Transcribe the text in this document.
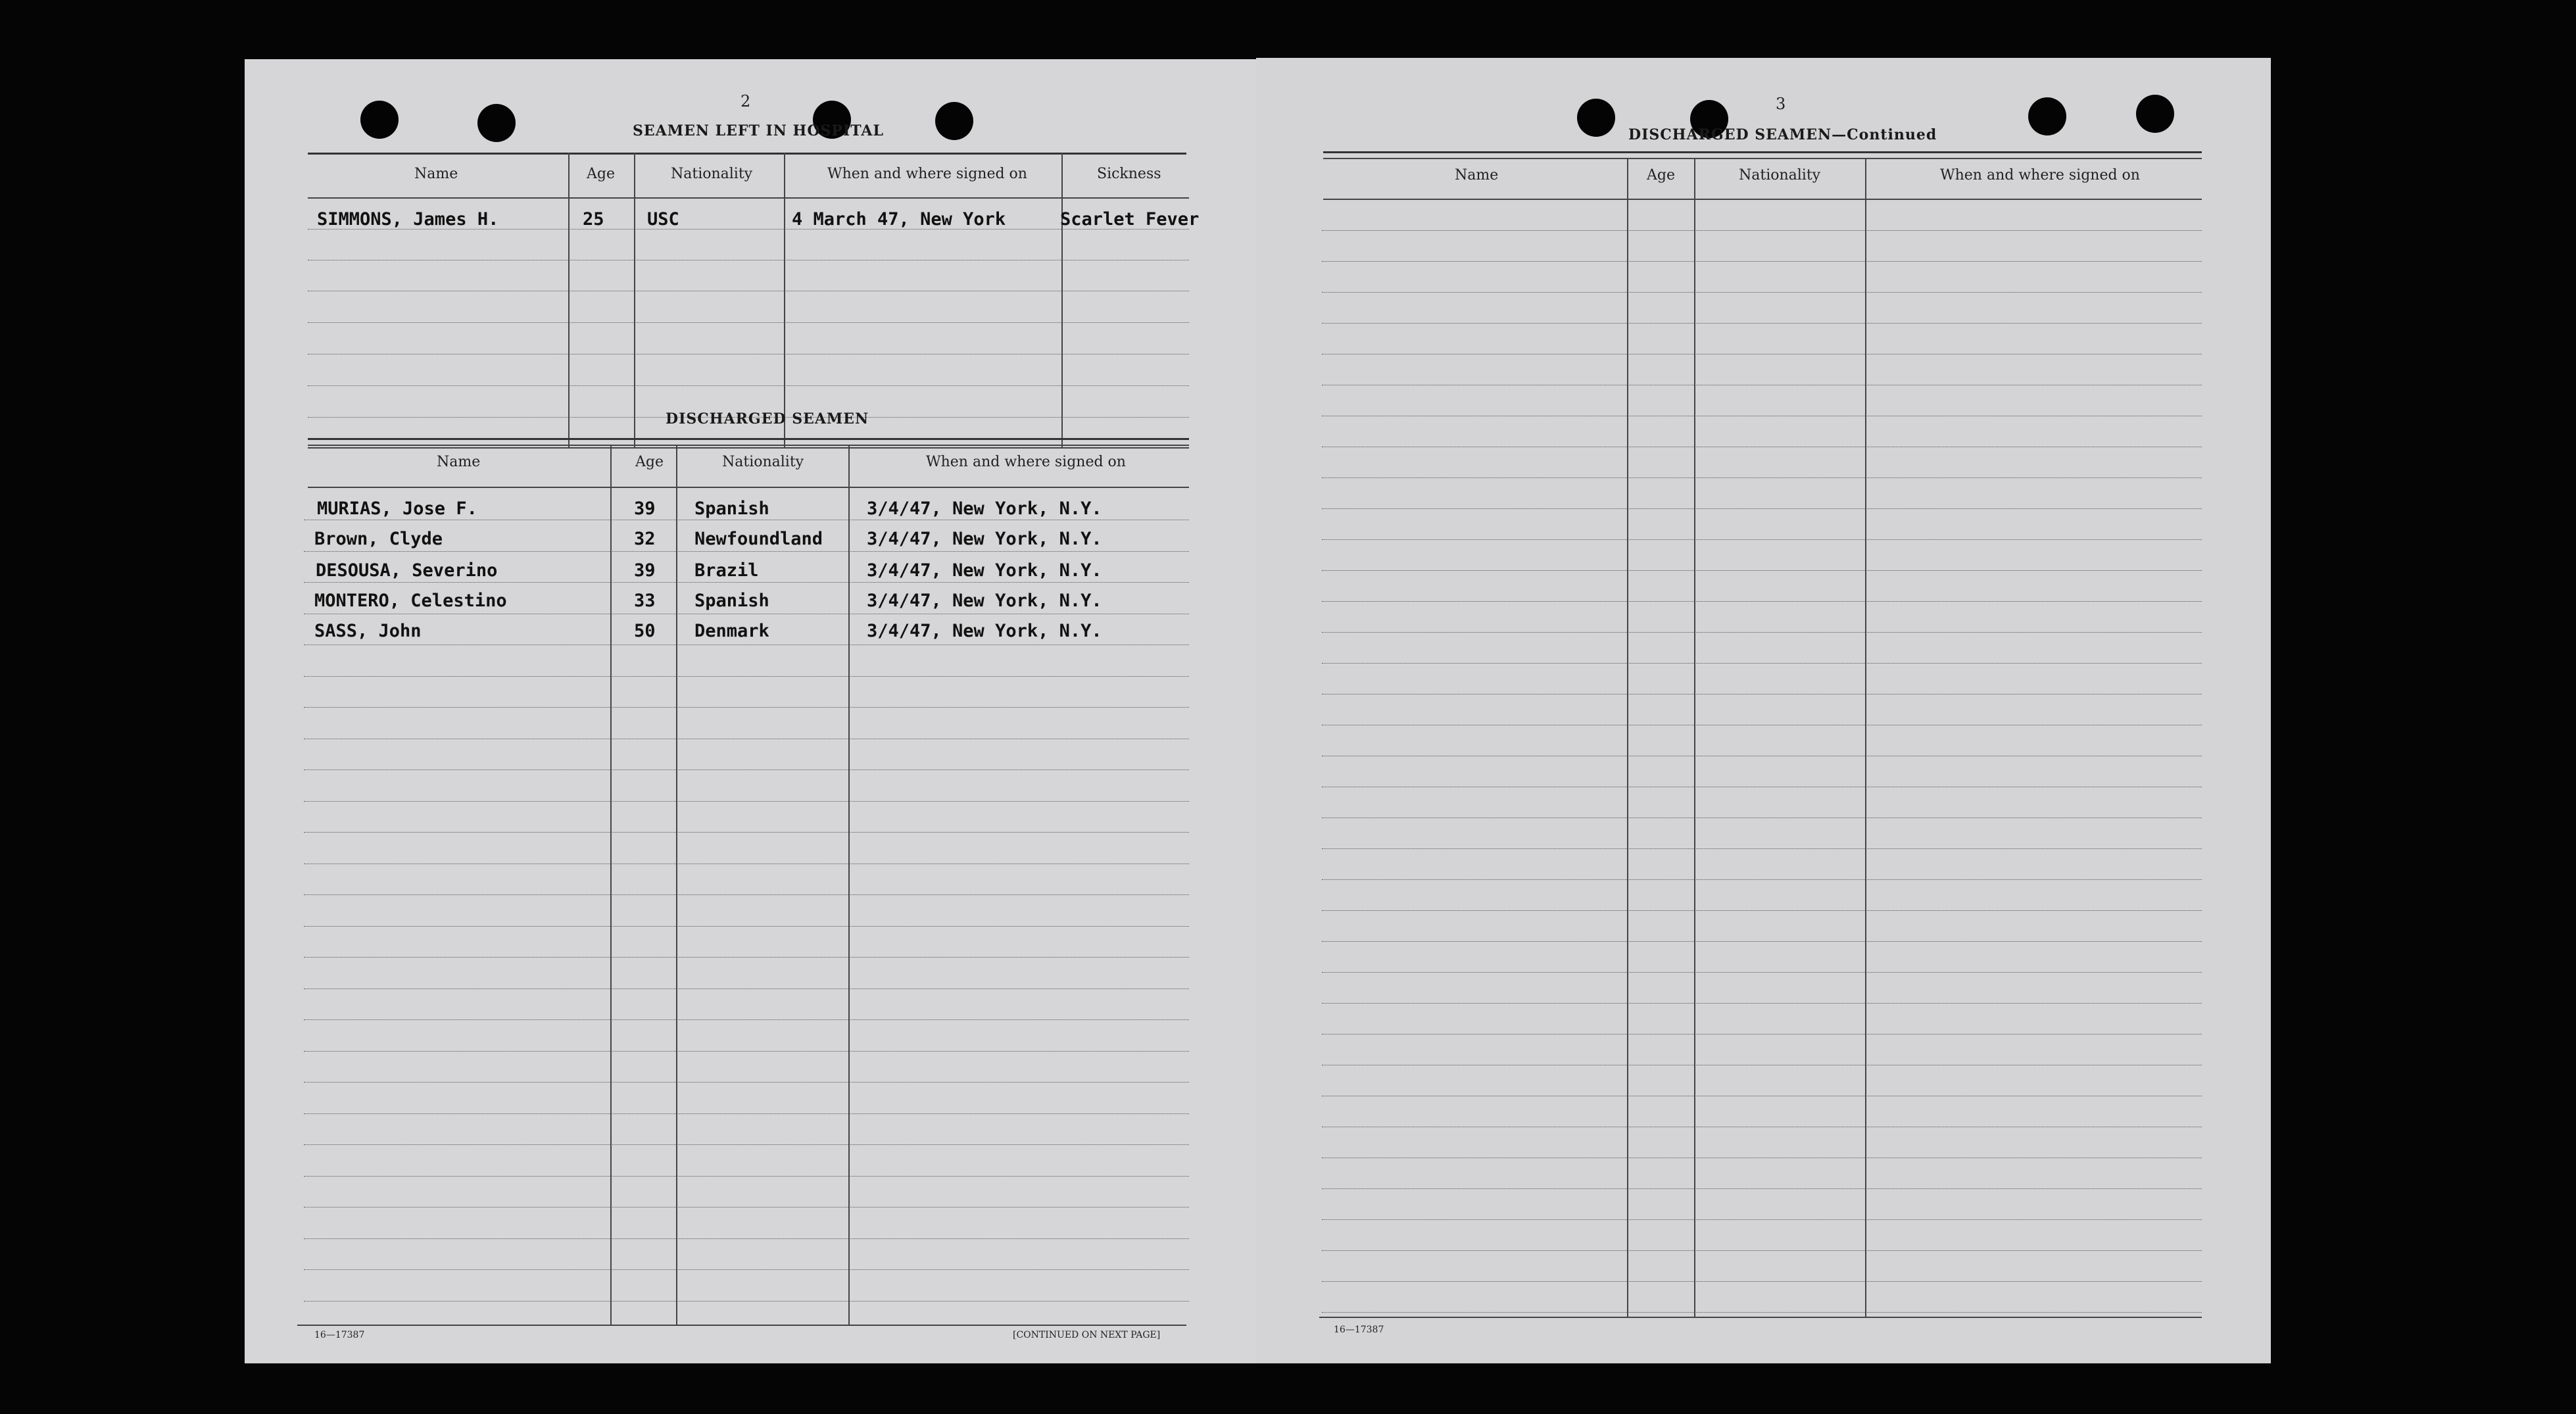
2
SEAMEN LEFT IN HOSPITAL
Name	Age	Nationality	When and where signed on	Sickness
SIMMONS, James H.	25 USC	4 March 47, New York	Scarlet Fever
DISCHARGED SEAMEN
Name	Age	Nationality	When and where signed on
MURIAS, Jose F.	39 Spanish	3/4/47, New York, N.Y.
Brown, Clyde	32 Newfoundland 3/4/47, New York, N.Y.
DESOUSA, Severino	39 Brazil	3/4/47, New York, N.Y.
MONTERO, Celestino	33 Spanish	3/4/47, New York, N.Y.
SASS, John	50 Denmark	3/4/47, New York, N.Y.
16—17387	[CONTINUED ON NEXT PAGE]
3
DISCHARGED SEAMEN—Continued
Name	Age	Nationality	When and where signed on
16—17387
